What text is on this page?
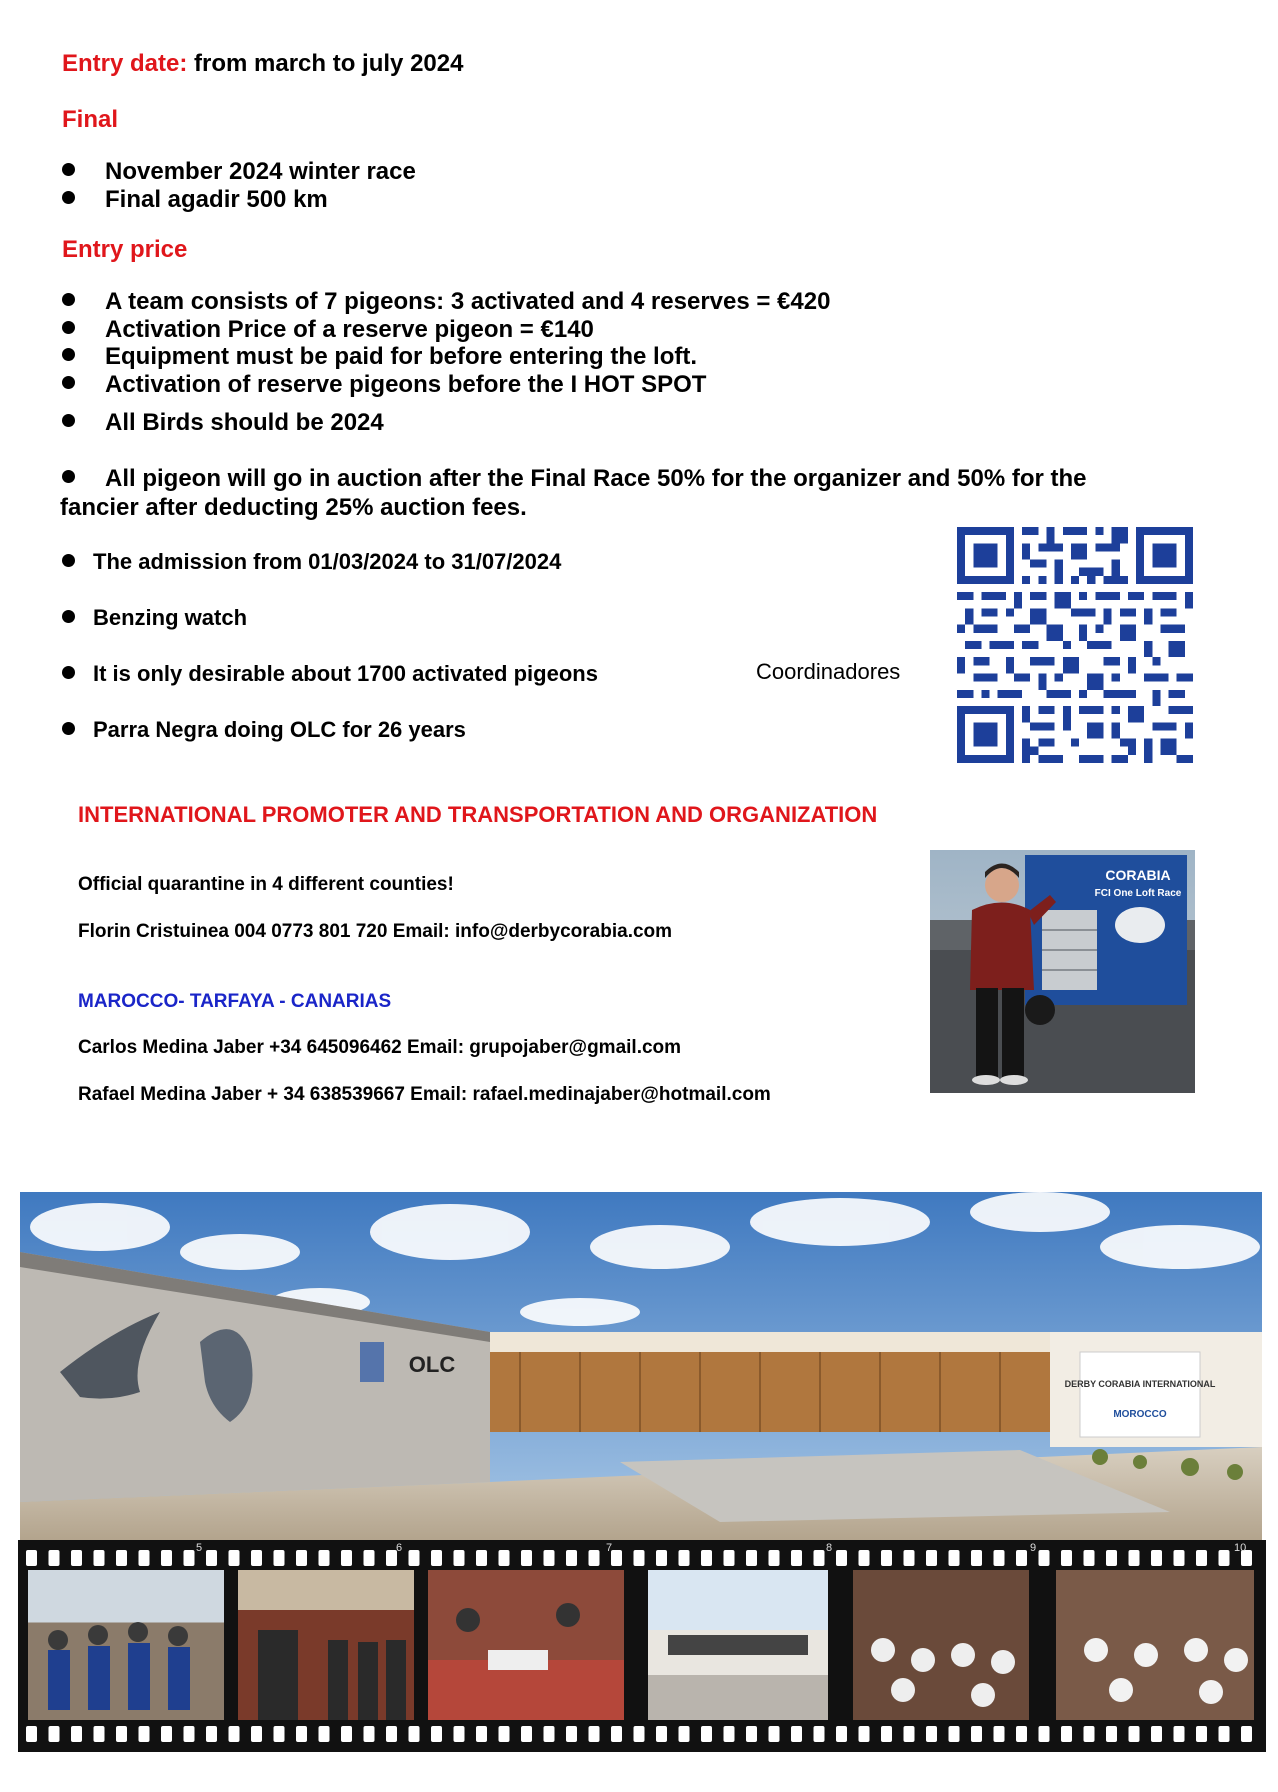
Entry date: from march to july 2024
Final
November 2024 winter race
Final agadir 500 km
Entry price
A team consists of 7 pigeons: 3 activated and 4 reserves = €420
Activation Price of a reserve pigeon = €140
Equipment must be paid for before entering the loft.
Activation of reserve pigeons before the I HOT SPOT
All Birds should be 2024
All pigeon will go in auction after the Final Race 50% for the organizer and 50% for the
fancier after deducting 25% auction fees.
The admission from 01/03/2024 to 31/07/2024
Benzing watch
It is only desirable about 1700 activated pigeons
Parra Negra doing OLC for 26 years
Coordinadores
INTERNATIONAL PROMOTER AND TRANSPORTATION AND ORGANIZATION
Official quarantine in 4 different counties!
Florin Cristuinea 004 0773 801 720 Email: info@derbycorabia.com
MAROCCO- TARFAYA - CANARIAS
Carlos Medina Jaber +34 645096462 Email: grupojaber@gmail.com
Rafael Medina Jaber + 34 638539667 Email: rafael.medinajaber@hotmail.com
CORABIA
FCI One Loft Race
OLC
DERBY CORABIA INTERNATIONAL
MOROCCO
5	6	7	8	9	10
